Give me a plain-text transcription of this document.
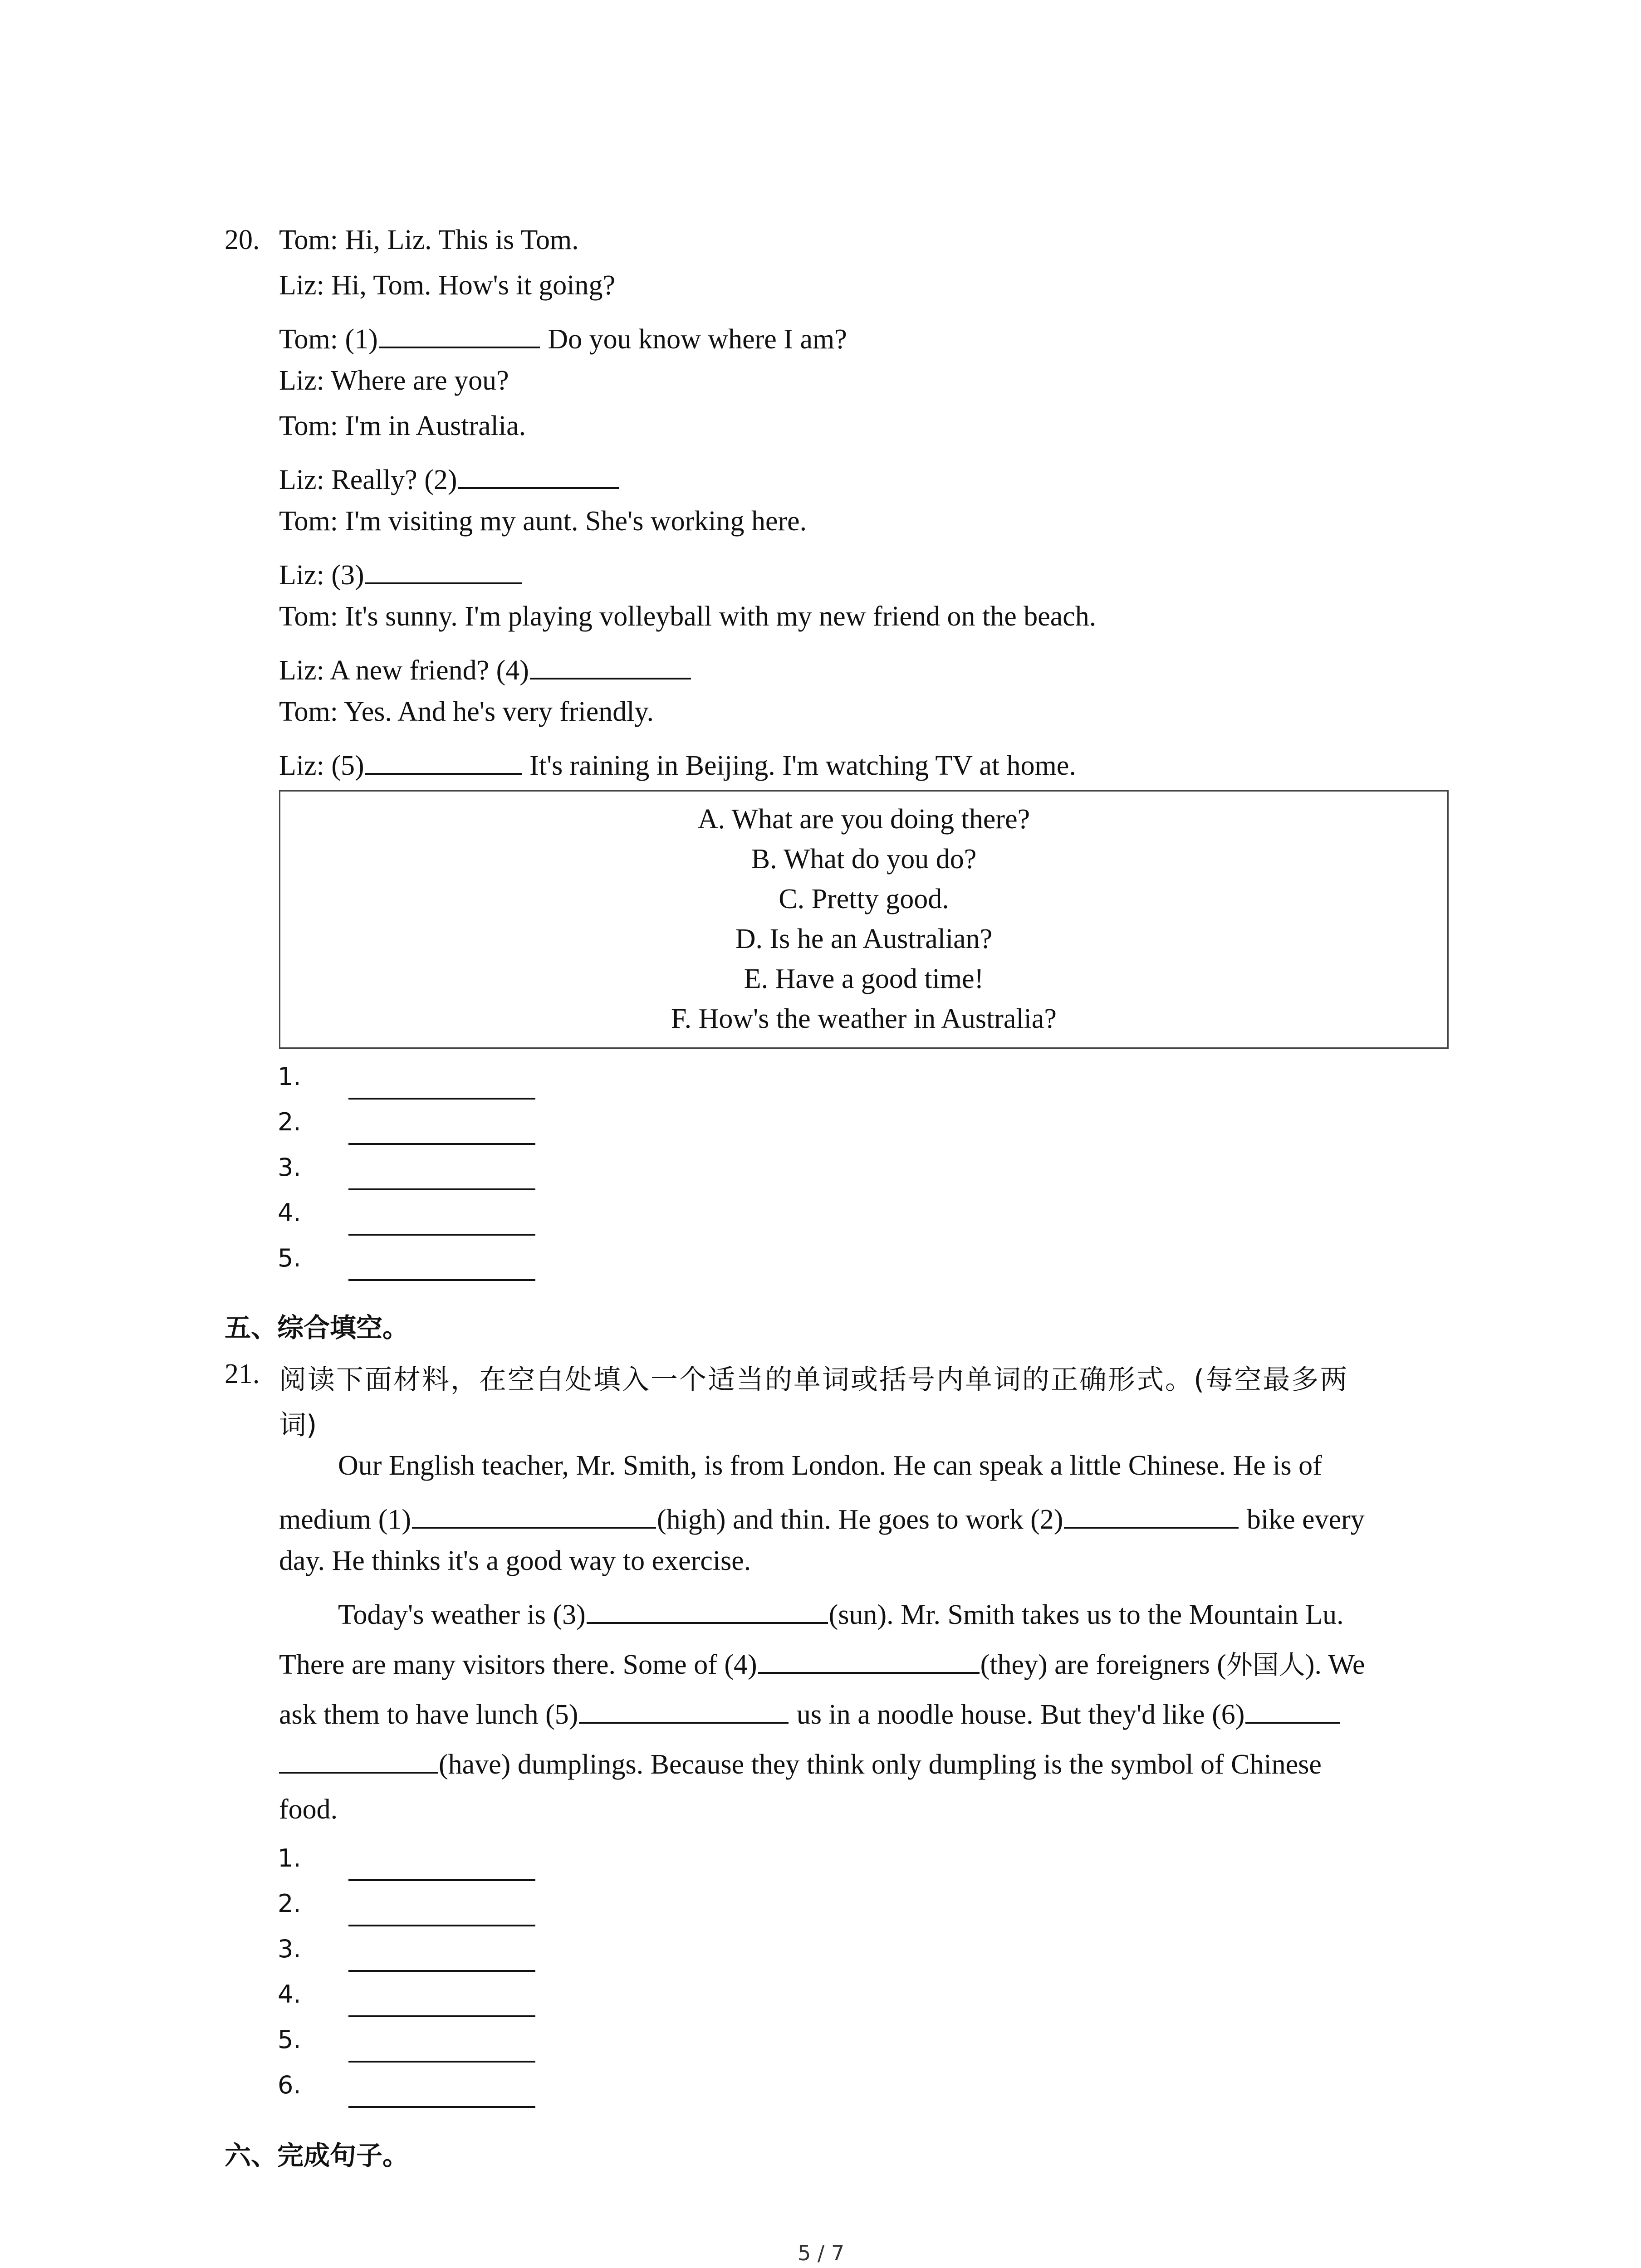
20. Tom: Hi, Liz. This is Tom.
Liz: Hi, Tom. How's it going?
Tom: (1)	Do you know where I am?
Liz: Where are you?
Tom: I'm in Australia.
Liz: Really? (2)
Tom: I'm visiting my aunt. She's working here.
Liz: (3)
Tom: It's sunny. I'm playing volleyball with my new friend on the beach.
Liz: A new friend? (4)
Tom: Yes. And he's very friendly.
Liz: (5)	It's raining in Beijing. I'm watching TV at home.
A. What are you doing there?
B. What do you do?
C. Pretty good.
D. Is he an Australian?
E. Have a good time!
F. How's the weather in Australia?
1.
2.
3.
4.
5.
五、综合填空。
21. 阅读下面材料，在空白处填入一个适当的单词或括号内单词的正确形式。(每空最多两
词)
Our English teacher, Mr. Smith, is from London. He can speak a little Chinese. He is of
medium (1)	(high) and thin. He goes to work (2)	bike every
day. He thinks it's a good way to exercise.
Today's weather is (3)	(sun). Mr. Smith takes us to the Mountain Lu.
There are many visitors there. Some of (4)	(they) are foreigners (外国人). We
ask them to have lunch (5)	us in a noodle house. But they'd like (6)
(have) dumplings. Because they think only dumpling is the symbol of Chinese
food.
1.
2.
3.
4.
5.
6.
六、完成句子。
5 / 7
